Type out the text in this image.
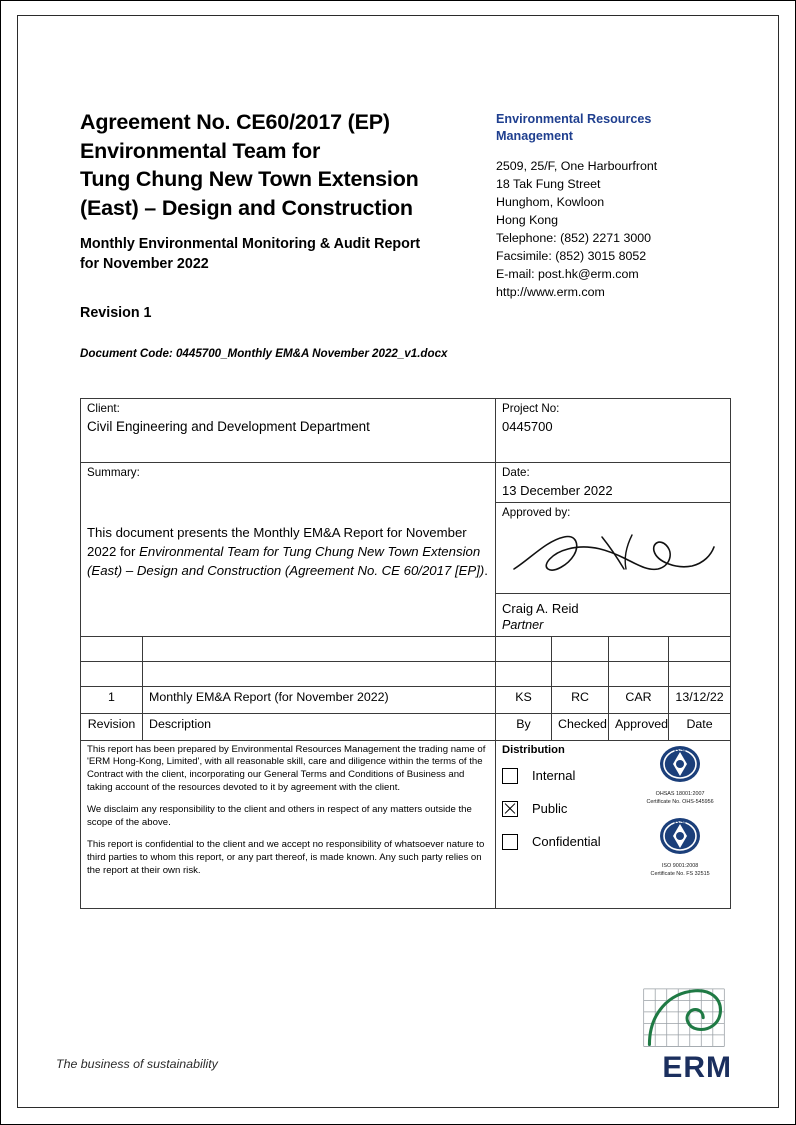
Agreement No. CE60/2017 (EP)
Environmental Team for
Tung Chung New Town Extension
(East) – Design and Construction
Monthly Environmental Monitoring & Audit Report
for November 2022
Revision 1
Document Code: 0445700_Monthly EM&A November 2022_v1.docx
Environmental Resources
Management
2509, 25/F, One Harbourfront
18 Tak Fung Street
Hunghom, Kowloon
Hong Kong
Telephone: (852) 2271 3000
Facsimile: (852) 3015 8052
E-mail: post.hk@erm.com
http://www.erm.com
Client:
Civil Engineering and Development Department		Project No:
0445700			

Summary:
This document presents the Monthly EM&A Report for November 2022 for Environmental Team for Tung Chung New Town Extension (East) – Design and Construction (Agreement No. CE 60/2017 [EP]).		Date:
13 December 2022			

		Approved by:
Craig A. Reid
Partner			

1	Monthly EM&A Report (for November 2022)	KS	RC	CAR	13/12/22
Revision	Description	By	Checked	Approved	Date

This report has been prepared by Environmental Resources Management the trading name of 'ERM Hong-Kong, Limited', with all reasonable skill, care and diligence within the terms of the Contract with the client, incorporating our General Terms and Conditions of Business and taking account of the resources devoted to it by agreement with the client.

We disclaim any responsibility to the client and others in respect of any matters outside the scope of the above.

This report is confidential to the client and we accept no responsibility of whatsoever nature to third parties to whom this report, or any part thereof, is made known. Any such party relies on the report at their own risk.

Distribution
Internal
Public
Confidential
BSI
OHSAS 18001:2007
Certificate No. OHS-545956
BSI
ISO 9001:2008
Certificate No. FS 32515
The business of sustainability	ERM
